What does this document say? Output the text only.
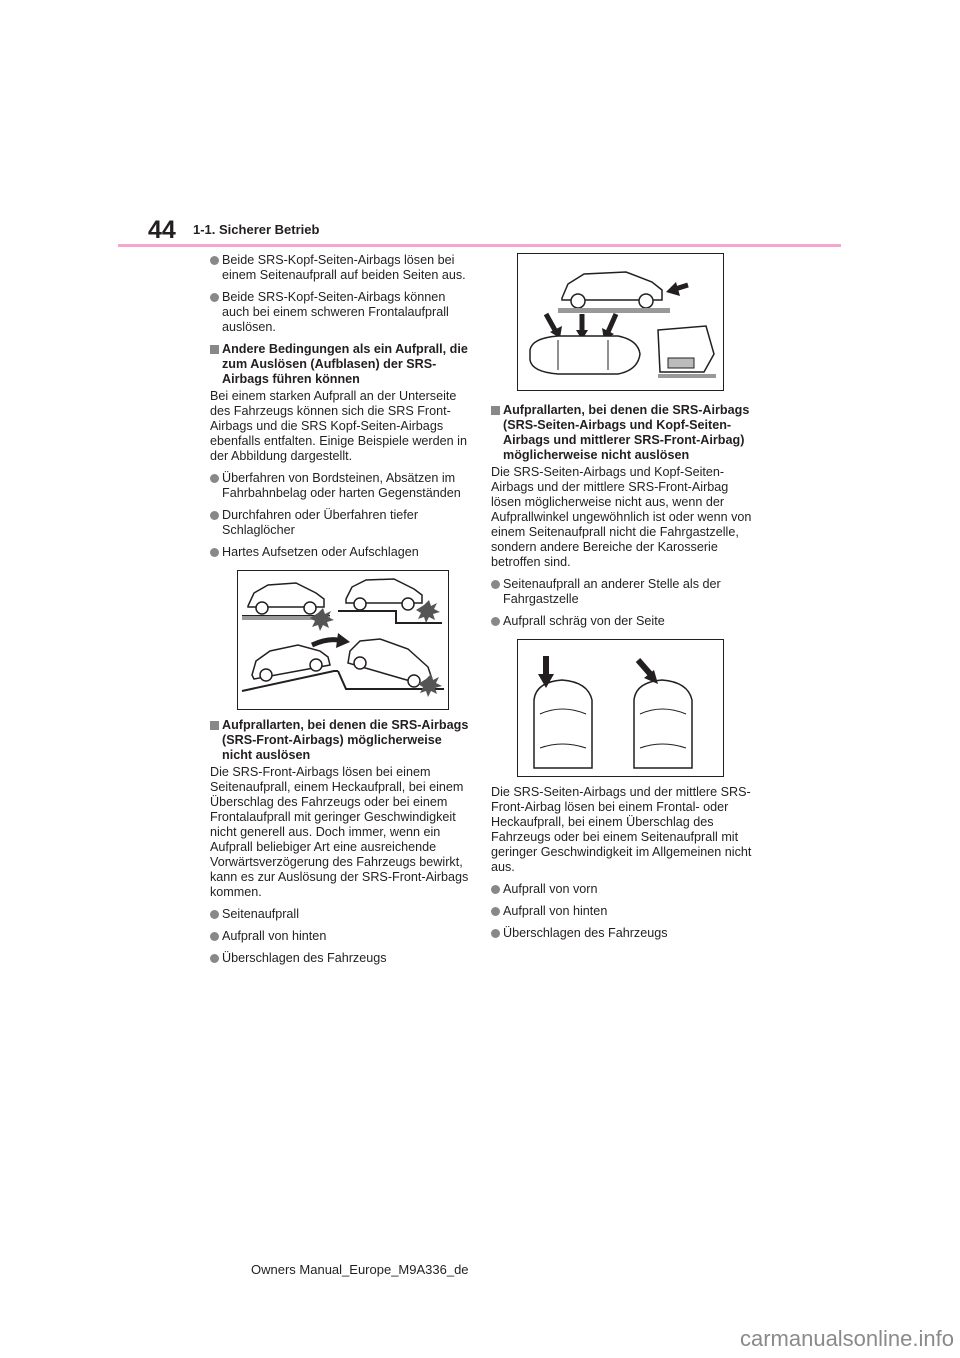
44 1-1. Sicherer Betrieb
Beide SRS-Kopf-Seiten-Airbags lösen bei einem Seitenaufprall auf beiden Seiten aus.
Beide SRS-Kopf-Seiten-Airbags können auch bei einem schweren Frontalaufprall auslösen.
Andere Bedingungen als ein Aufprall, die zum Auslösen (Aufblasen) der SRS-Airbags führen können

Bei einem starken Aufprall an der Unterseite des Fahrzeugs können sich die SRS Front-Airbags und die SRS Kopf-Seiten-Airbags ebenfalls entfalten. Einige Beispiele werden in der Abbildung dargestellt.

Überfahren von Bordsteinen, Absätzen im Fahrbahnbelag oder harten Gegenständen
Durchfahren oder Überfahren tiefer Schlaglöcher
Hartes Aufsetzen oder Aufschlagen
Aufprallarten, bei denen die SRS-Airbags (SRS-Front-Airbags) möglicherweise nicht auslösen

Die SRS-Front-Airbags lösen bei einem Seitenaufprall, einem Heckaufprall, bei einem Überschlag des Fahrzeugs oder bei einem Frontalaufprall mit geringer Geschwindigkeit nicht generell aus. Doch immer, wenn ein Aufprall beliebiger Art eine ausreichende Vorwärtsverzögerung des Fahrzeugs bewirkt, kann es zur Auslösung der SRS-Front-Airbags kommen.

Seitenaufprall
Aufprall von hinten
Überschlagen des Fahrzeugs
Aufprallarten, bei denen die SRS-Airbags (SRS-Seiten-Airbags und Kopf-Seiten-Airbags und mittlerer SRS-Front-Airbag) möglicherweise nicht auslösen

Die SRS-Seiten-Airbags und Kopf-Seiten-Airbags und der mittlere SRS-Front-Airbag lösen möglicherweise nicht aus, wenn der Aufprallwinkel ungewöhnlich ist oder wenn von einem Seitenaufprall nicht die Fahrgastzelle, sondern andere Bereiche der Karosserie betroffen sind.

Seitenaufprall an anderer Stelle als der Fahrgastzelle
Aufprall schräg von der Seite

Die SRS-Seiten-Airbags und der mittlere SRS-Front-Airbag lösen bei einem Frontal- oder Heckaufprall, bei einem Überschlag des Fahrzeugs oder bei einem Seitenaufprall mit geringer Geschwindigkeit im Allgemeinen nicht aus.

Aufprall von vorn
Aufprall von hinten
Überschlagen des Fahrzeugs
Owners Manual_Europe_M9A336_de
carmanualsonline.info
